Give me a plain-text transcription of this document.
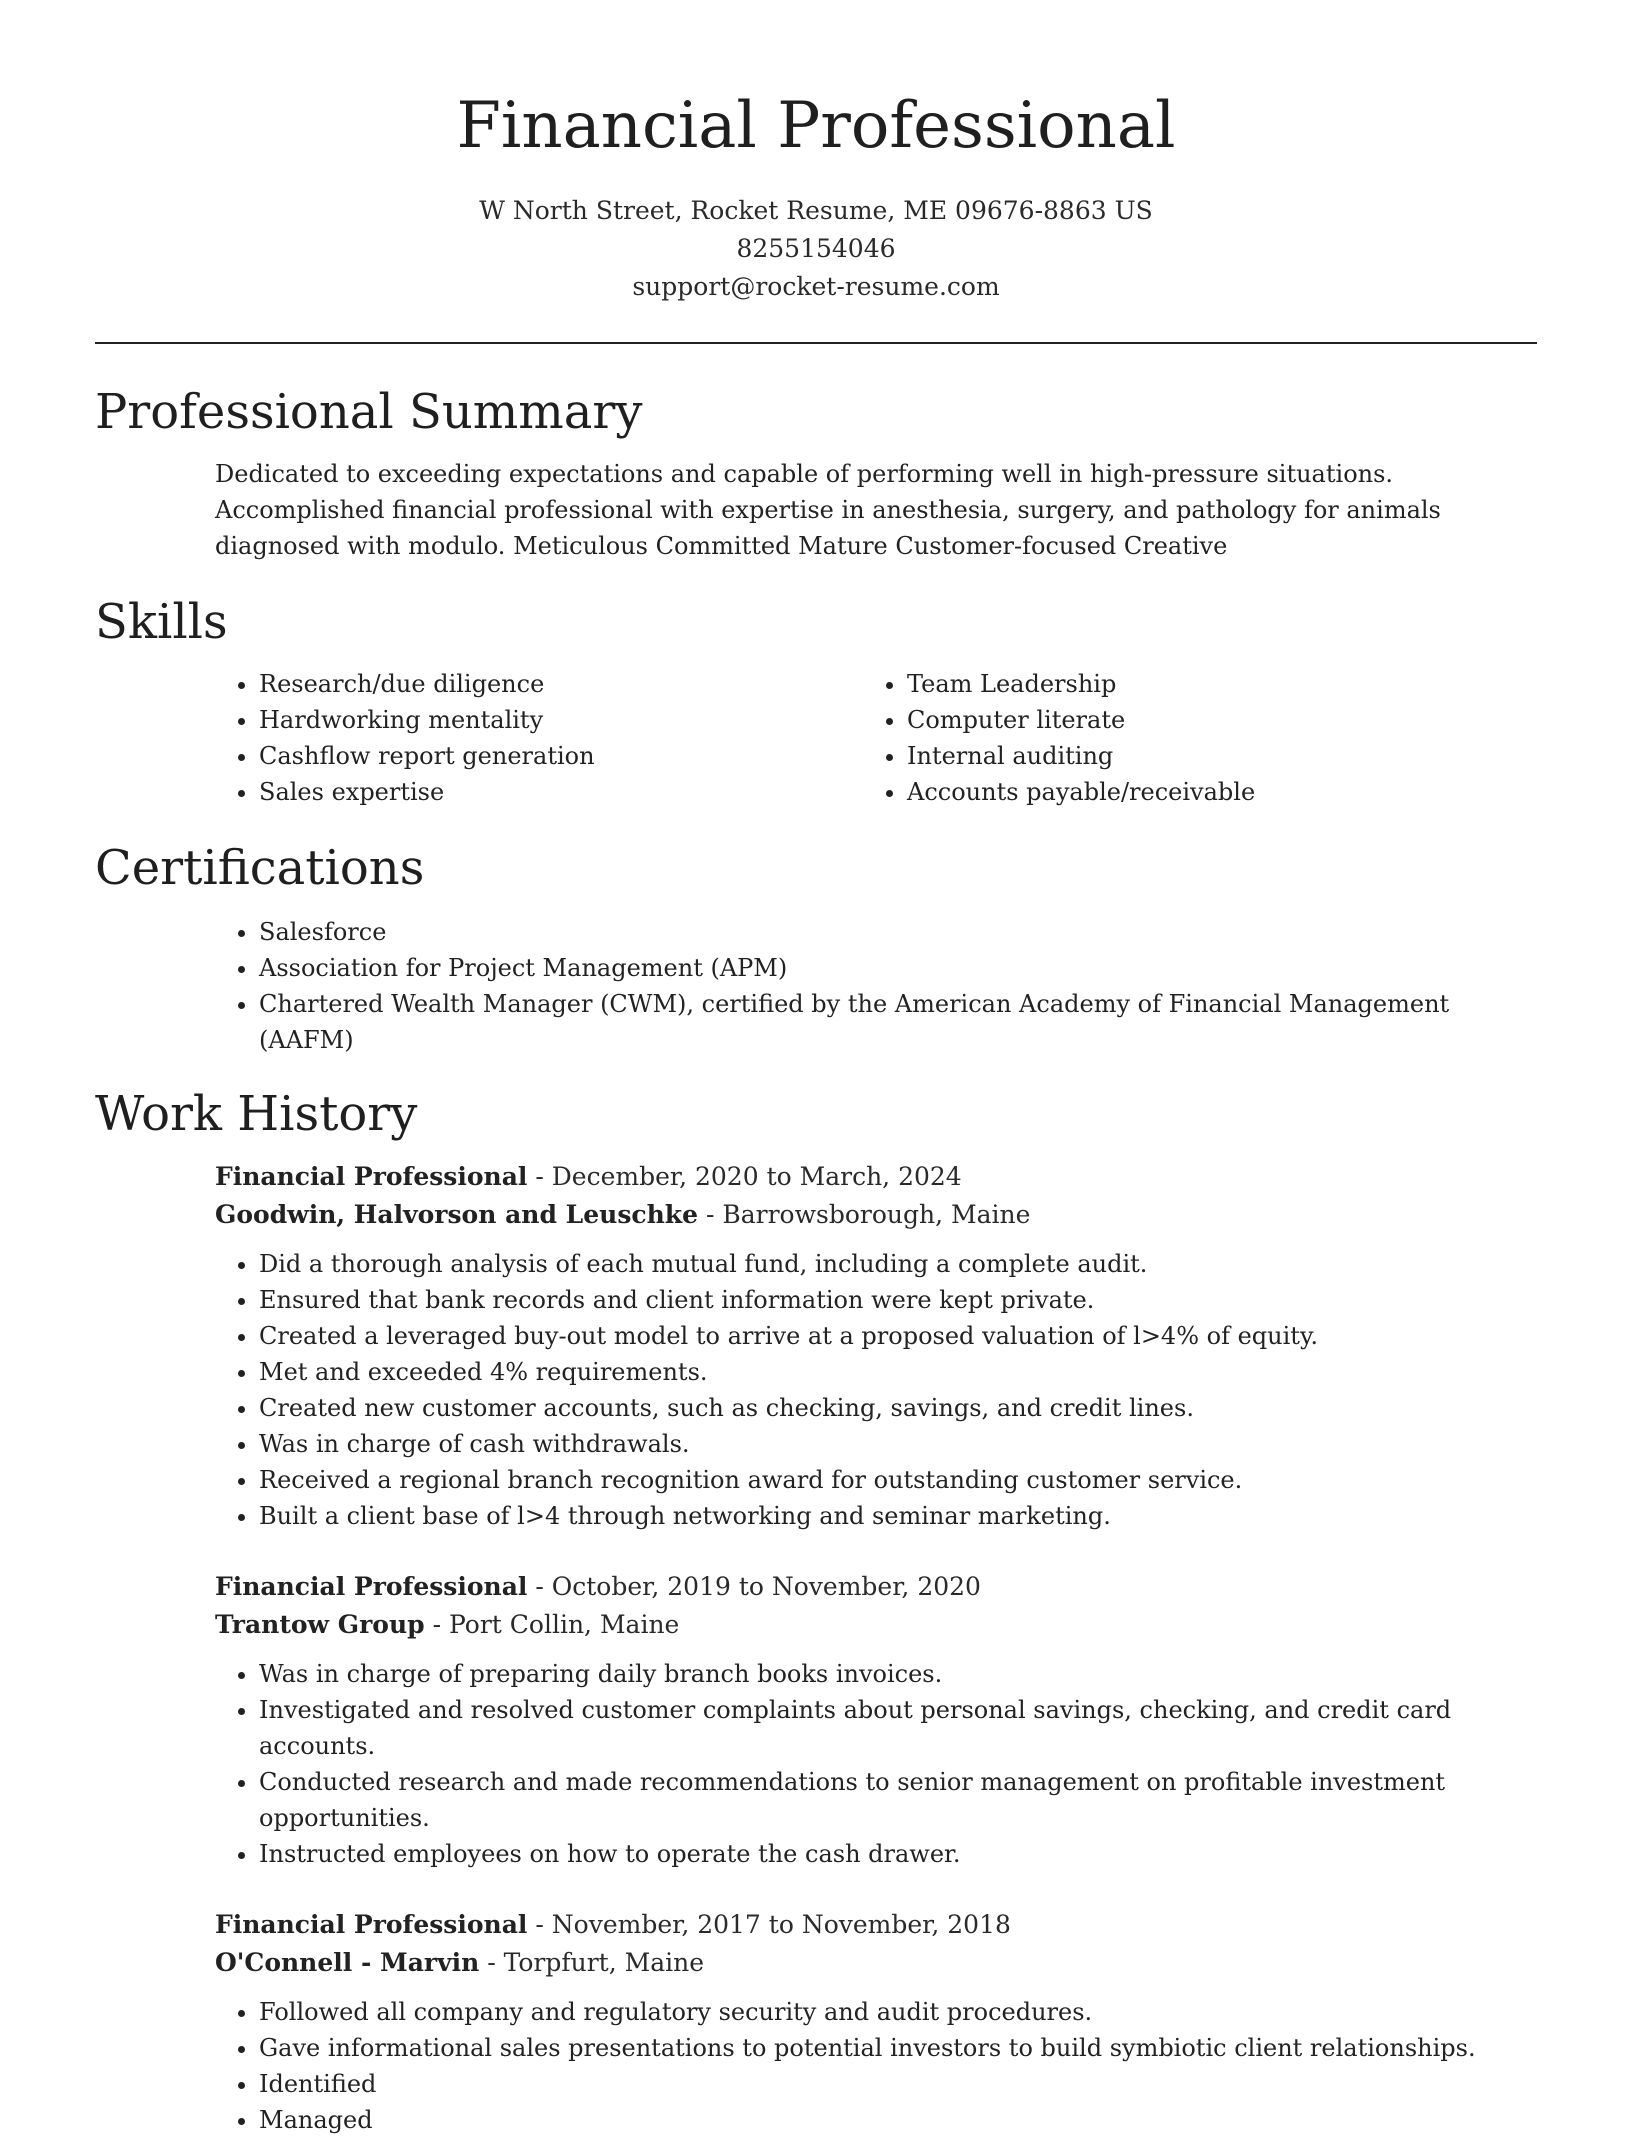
Financial Professional
W North Street, Rocket Resume, ME 09676-8863 US
8255154046
support@rocket-resume.com
Professional Summary
Dedicated to exceeding expectations and capable of performing well in high-pressure situations. Accomplished financial professional with expertise in anesthesia, surgery, and pathology for animals diagnosed with modulo. Meticulous Committed Mature Customer-focused Creative
Skills
• Research/due diligence
• Hardworking mentality
• Cashflow report generation
• Sales expertise
• Team Leadership
• Computer literate
• Internal auditing
• Accounts payable/receivable
Certifications
• Salesforce
• Association for Project Management (APM)
• Chartered Wealth Manager (CWM), certified by the American Academy of Financial Management (AAFM)
Work History
Financial Professional - December, 2020 to March, 2024
Goodwin, Halvorson and Leuschke - Barrowsborough, Maine
• Did a thorough analysis of each mutual fund, including a complete audit.
• Ensured that bank records and client information were kept private.
• Created a leveraged buy-out model to arrive at a proposed valuation of l>4% of equity.
• Met and exceeded 4% requirements.
• Created new customer accounts, such as checking, savings, and credit lines.
• Was in charge of cash withdrawals.
• Received a regional branch recognition award for outstanding customer service.
• Built a client base of l>4 through networking and seminar marketing.
Financial Professional - October, 2019 to November, 2020
Trantow Group - Port Collin, Maine
• Was in charge of preparing daily branch books invoices.
• Investigated and resolved customer complaints about personal savings, checking, and credit card accounts.
• Conducted research and made recommendations to senior management on profitable investment opportunities.
• Instructed employees on how to operate the cash drawer.
Financial Professional - November, 2017 to November, 2018
O'Connell - Marvin - Torpfurt, Maine
• Followed all company and regulatory security and audit procedures.
• Gave informational sales presentations to potential investors to build symbiotic client relationships.
• Identified
• Managed
